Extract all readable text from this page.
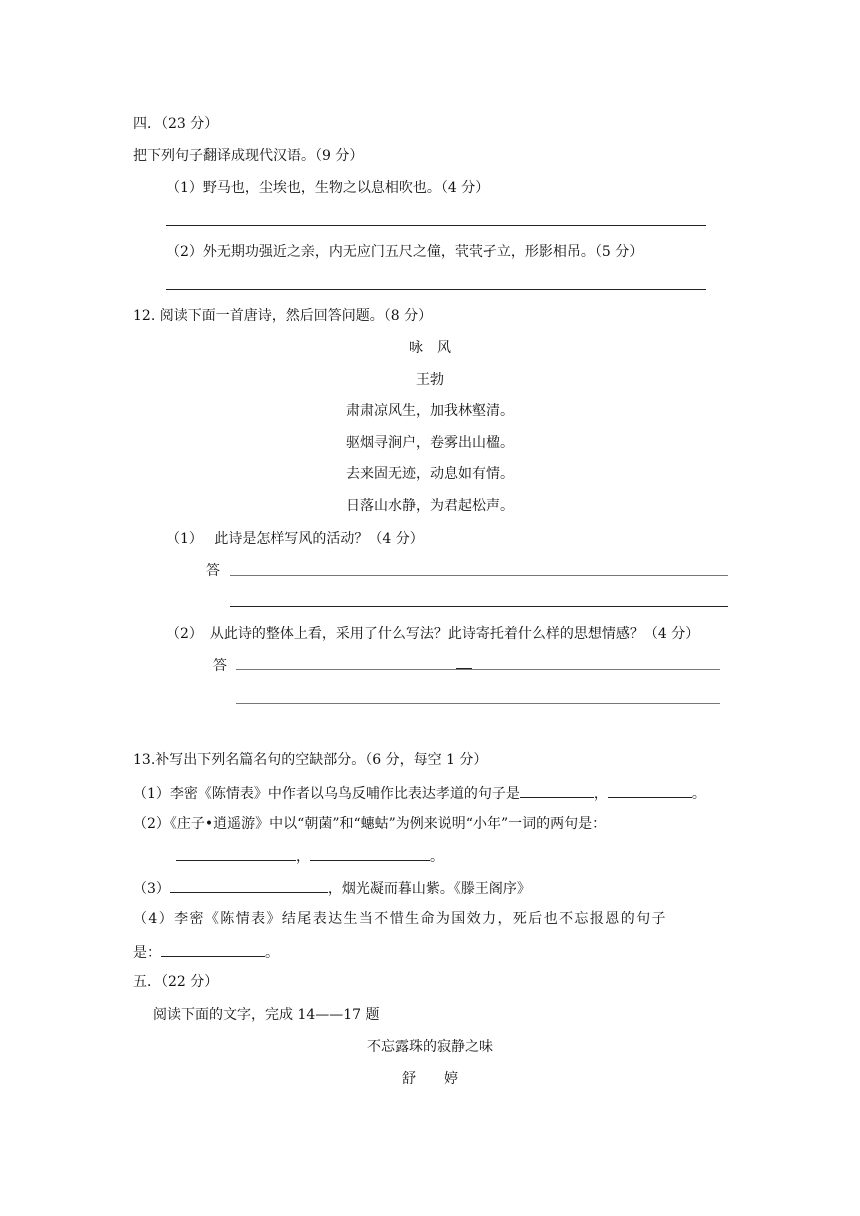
四．（23 分）
把下列句子翻译成现代汉语。（9 分）
（1）野马也，尘埃也，生物之以息相吹也。（4 分）
（2）外无期功强近之亲，内无应门五尺之僮，茕茕孑立，形影相吊。（5 分）
12. 阅读下面一首唐诗，然后回答问题。（8 分）
咏　风
王勃
肃肃凉风生，加我林壑清。
驱烟寻涧户，卷雾出山楹。
去来固无迹，动息如有情。
日落山水静，为君起松声。
（1）　 此诗是怎样写风的活动？（4 分）
答
（2）　从此诗的整体上看，采用了什么写法？此诗寄托着什么样的思想情感？（4 分）
答
13.补写出下列名篇名句的空缺部分。（6 分，每空 1 分）
（1）李密《陈情表》中作者以乌鸟反哺作比表达孝道的句子是	，	。
（2）《庄子•逍遥游》中以“朝菌”和“蟪蛄”为例来说明“小年”一词的两句是：
，	。
（3）	，烟光凝而暮山紫。《滕王阁序》
（4）李密《陈情表》结尾表达生当不惜生命为国效力，死后也不忘报恩的句子
是：	。
五．（22 分）
阅读下面的文字，完成 14——17 题
不忘露珠的寂静之味
舒　　婷
